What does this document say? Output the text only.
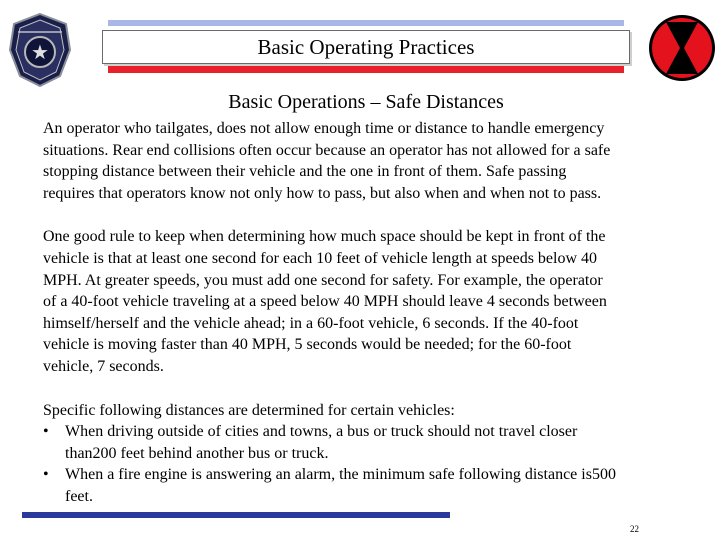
★	Basic Operating Practices
Basic Operations – Safe Distances

An operator who tailgates, does not allow enough time or distance to handle emergency
situations. Rear end collisions often occur because an operator has not allowed for a safe
stopping distance between their vehicle and the one in front of them. Safe passing
requires that operators know not only how to pass, but also when and when not to pass.

One good rule to keep when determining how much space should be kept in front of the
vehicle is that at least one second for each 10 feet of vehicle length at speeds below 40
MPH. At greater speeds, you must add one second for safety. For example, the operator
of a 40-foot vehicle traveling at a speed below 40 MPH should leave 4 seconds between
himself/herself and the vehicle ahead; in a 60-foot vehicle, 6 seconds. If the 40-foot
vehicle is moving faster than 40 MPH, 5 seconds would be needed; for the 60-foot
vehicle, 7 seconds.

Specific following distances are determined for certain vehicles:

•	When driving outside of cities and towns, a bus or truck should not travel closer
than200 feet behind another bus or truck.
•	When a fire engine is answering an alarm, the minimum safe following distance is500
feet.
22
